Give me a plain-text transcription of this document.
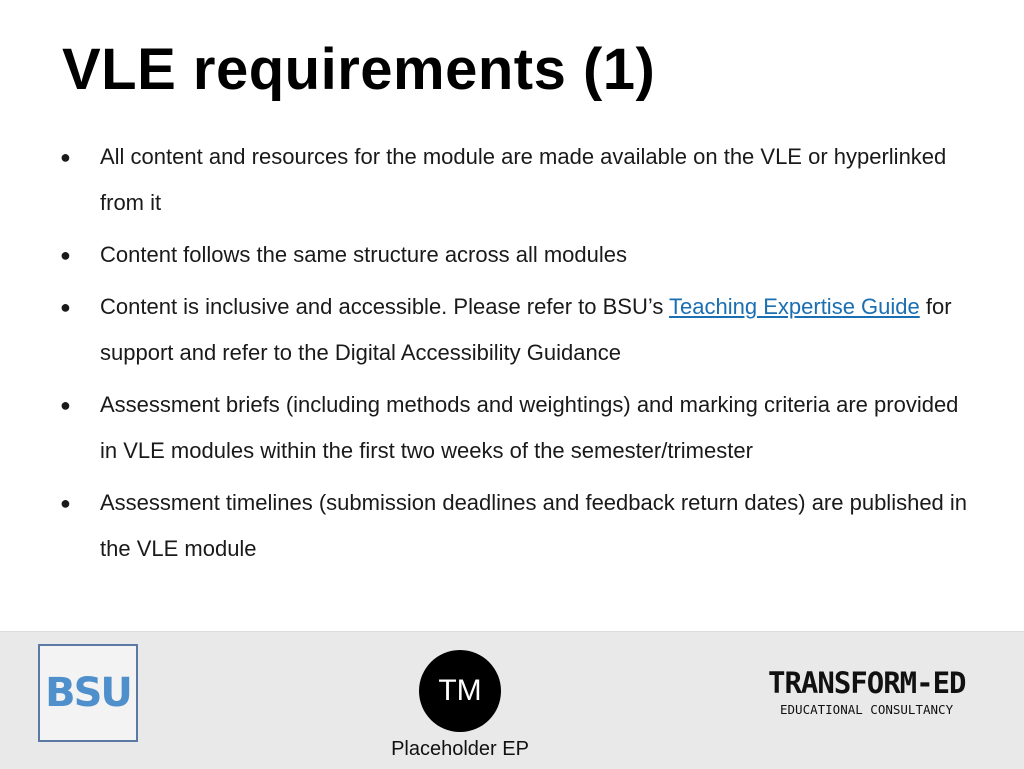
VLE requirements (1)
● All content and resources for the module are made available on the VLE or hyperlinked from it
● Content follows the same structure across all modules
● Content is inclusive and accessible. Please refer to BSU’s Teaching Expertise Guide for support and refer to the Digital Accessibility Guidance
● Assessment briefs (including methods and weightings) and marking criteria are provided in VLE modules within the first two weeks of the semester/trimester
● Assessment timelines (submission deadlines and feedback return dates) are published in the VLE module
BSU	TM
Placeholder EP
TRANSFORM-ED
EDUCATIONAL CONSULTANCY
